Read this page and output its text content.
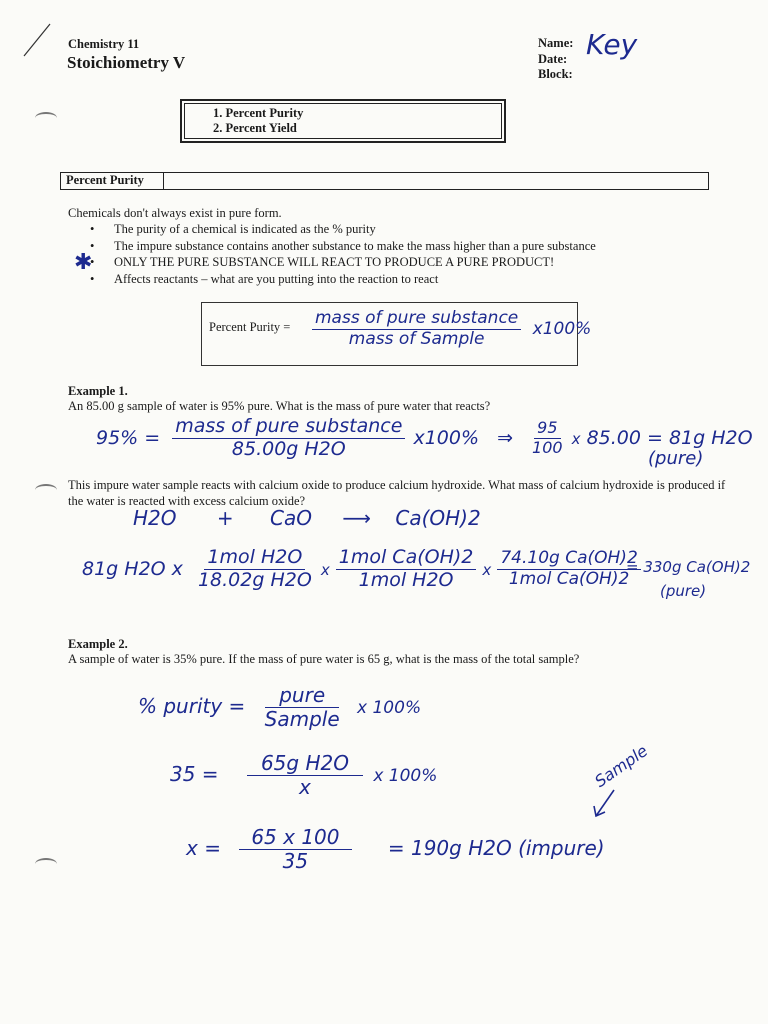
Chemistry 11
Stoichiometry V
Name:
Date:
Block:
Key
1. Percent Purity
2. Percent Yield
Percent Purity
Chemicals don't always exist in pure form.
• The purity of a chemical is indicated as the % purity
• The impure substance contains another substance to make the mass higher than a pure substance
• ONLY THE PURE SUBSTANCE WILL REACT TO PRODUCE A PURE PRODUCT!
• Affects reactants – what are you putting into the reaction to react
✱
Percent Purity = $\frac{\text{mass of pure substance}}{\text{mass of Sample}} x100\%$
Example 1.
An 85.00 g sample of water is 95% pure. What is the mass of pure water that reacts?
$95\% = \frac{\text{mass of pure substance}}{\text{85.00g H2O}} x100\%$ ⇒ $\frac{95}{100}$ x 85.00 = 81g H2O
(pure)
This impure water sample reacts with calcium oxide to produce calcium hydroxide. What mass of calcium hydroxide is produced if the water is reacted with excess calcium oxide?
H2O + CaO ⟶ Ca(OH)2
81g H2O x $\frac{\text{1mol H2O}}{\text{18.02g H2O}}$ x $\frac{\text{1mol Ca(OH)2}}{\text{1mol H2O}}$ x $\frac{\text{74.10g Ca(OH)2}}{\text{1mol Ca(OH)2}}$
= 330g Ca(OH)2
(pure)
Example 2.
A sample of water is 35% pure. If the mass of pure water is 65 g, what is the mass of the total sample?
% purity = $\frac{\text{pure}}{\text{Sample}}$ x 100%
$35 = \frac{\text{65g H2O}}{x}$ x 100%
$x = \frac{65 x 100}{35} = 190g$ H2O (impure)
Sample
